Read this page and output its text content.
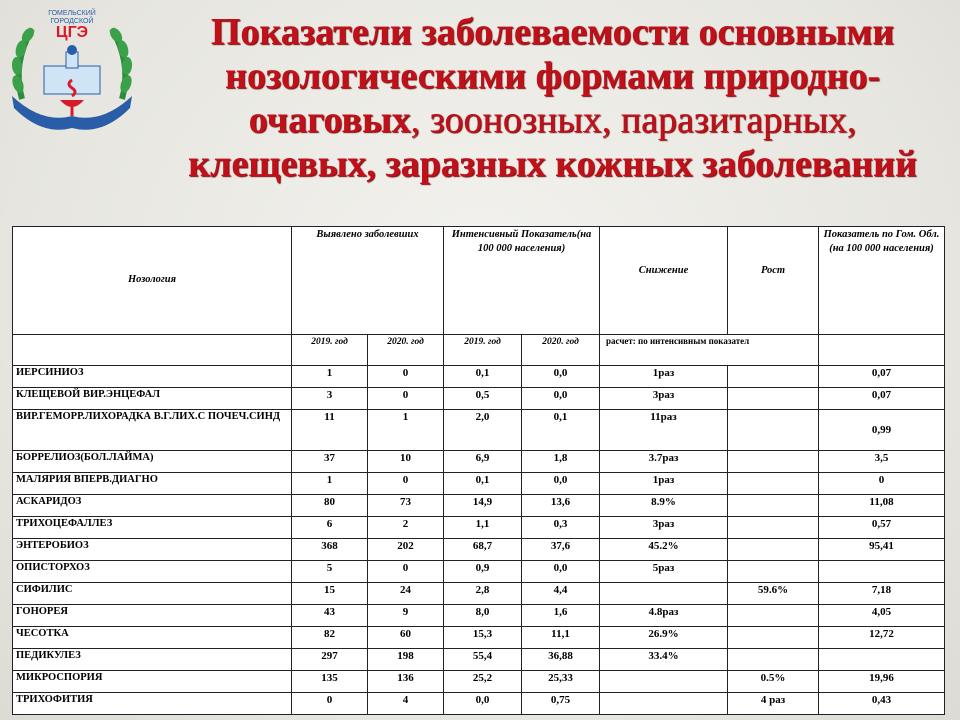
ГОМЕЛЬСКИЙ ГОРОДСКОЙ
ЦГЭ	Показатели заболеваемости основными
нозологическими формами природно-
очаговых, зоонозных, паразитарных,
клещевых, заразных кожных заболеваний
Нозология	Выявлено заболевших		Интенсивный Показатель(на 100 000 населения)		Снижение	Рост	Показатель по Гом. Обл. (на 100 000 населения)
	2019. год	2020. год	2019. год	2020. год	расчет: по интенсивным показател		
ИЕРСИНИОЗ	1	0	0,1	0,0	1раз		0,07
КЛЕЩЕВОЙ ВИР.ЭНЦЕФАЛ	3	0	0,5	0,0	3раз		0,07
ВИР.ГЕМОРР.ЛИХОРАДКА В.Г.ЛИХ.С ПОЧЕЧ.СИНД	11	1	2,0	0,1	11раз		0,99
БОРРЕЛИОЗ(БОЛ.ЛАЙМА)	37	10	6,9	1,8	3.7раз		3,5
МАЛЯРИЯ ВПЕРВ.ДИАГНО	1	0	0,1	0,0	1раз		0
АСКАРИДОЗ	80	73	14,9	13,6	8.9%		11,08
ТРИХОЦЕФАЛЛЕЗ	6	2	1,1	0,3	3раз		0,57
ЭНТЕРОБИОЗ	368	202	68,7	37,6	45.2%		95,41
ОПИСТОРХОЗ	5	0	0,9	0,0	5раз		
СИФИЛИС	15	24	2,8	4,4		59.6%	7,18
ГОНОРЕЯ	43	9	8,0	1,6	4.8раз		4,05
ЧЕСОТКА	82	60	15,3	11,1	26.9%		12,72
ПЕДИКУЛЕЗ	297	198	55,4	36,88	33.4%		
МИКРОСПОРИЯ	135	136	25,2	25,33		0.5%	19,96
ТРИХОФИТИЯ	0	4	0,0	0,75		4 раз	0,43
